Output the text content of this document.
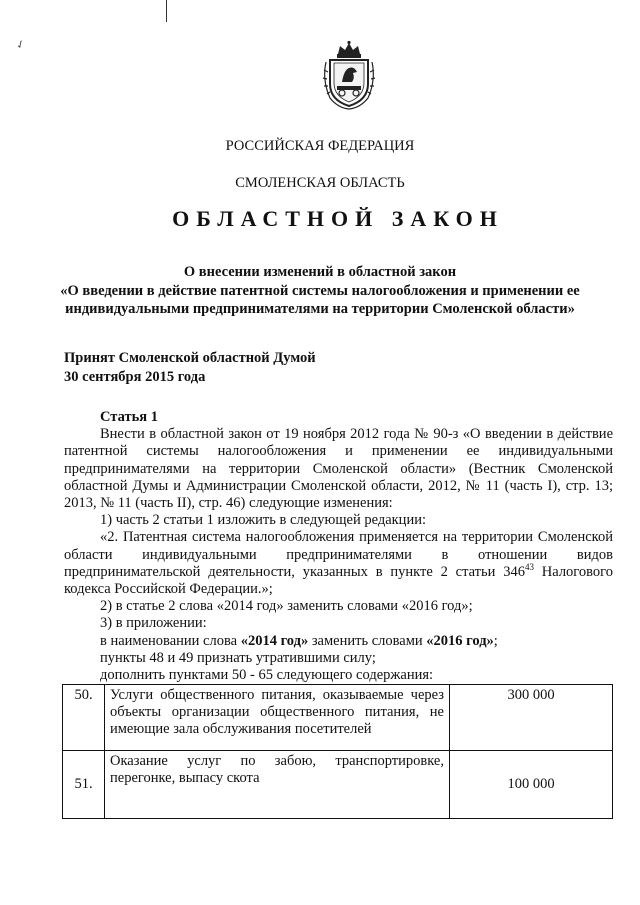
✓
РОССИЙСКАЯ ФЕДЕРАЦИЯ
СМОЛЕНСКАЯ ОБЛАСТЬ
ОБЛАСТНОЙ ЗАКОН
О внесении изменений в областной закон
«О введении в действие патентной системы налогообложения и применении ее
индивидуальными предпринимателями на территории Смоленской области»
Принят Смоленской областной Думой
30 сентября 2015 года

Статья 1

Внести в областной закон от 19 ноября 2012 года № 90-з «О введении в действие патентной системы налогообложения и применении ее индивидуальными предпринимателями на территории Смоленской области» (Вестник Смоленской областной Думы и Администрации Смоленской области, 2012, № 11 (часть I), стр. 13; 2013, № 11 (часть II), стр. 46) следующие изменения:

1) часть 2 статьи 1 изложить в следующей редакции:

«2. Патентная система налогообложения применяется на территории Смоленской области индивидуальными предпринимателями в отношении видов предпринимательской деятельности, указанных в пункте 2 статьи $346^{43}$ Налогового кодекса Российской Федерации.»;

2) в статье 2 слова «2014 год» заменить словами «2016 год»;

3) в приложении:

в наименовании слова «2014 год» заменить словами «2016 год»;

пункты 48 и 49 признать утратившими силу;

дополнить пунктами 50 - 65 следующего содержания:

50.	Услуги общественного питания, оказываемые через объекты организации общественного питания, не имеющие зала обслуживания посетителей	300 000
51.	Оказание услуг по забою, транспортировке, перегонке, выпасу скота	100 000
